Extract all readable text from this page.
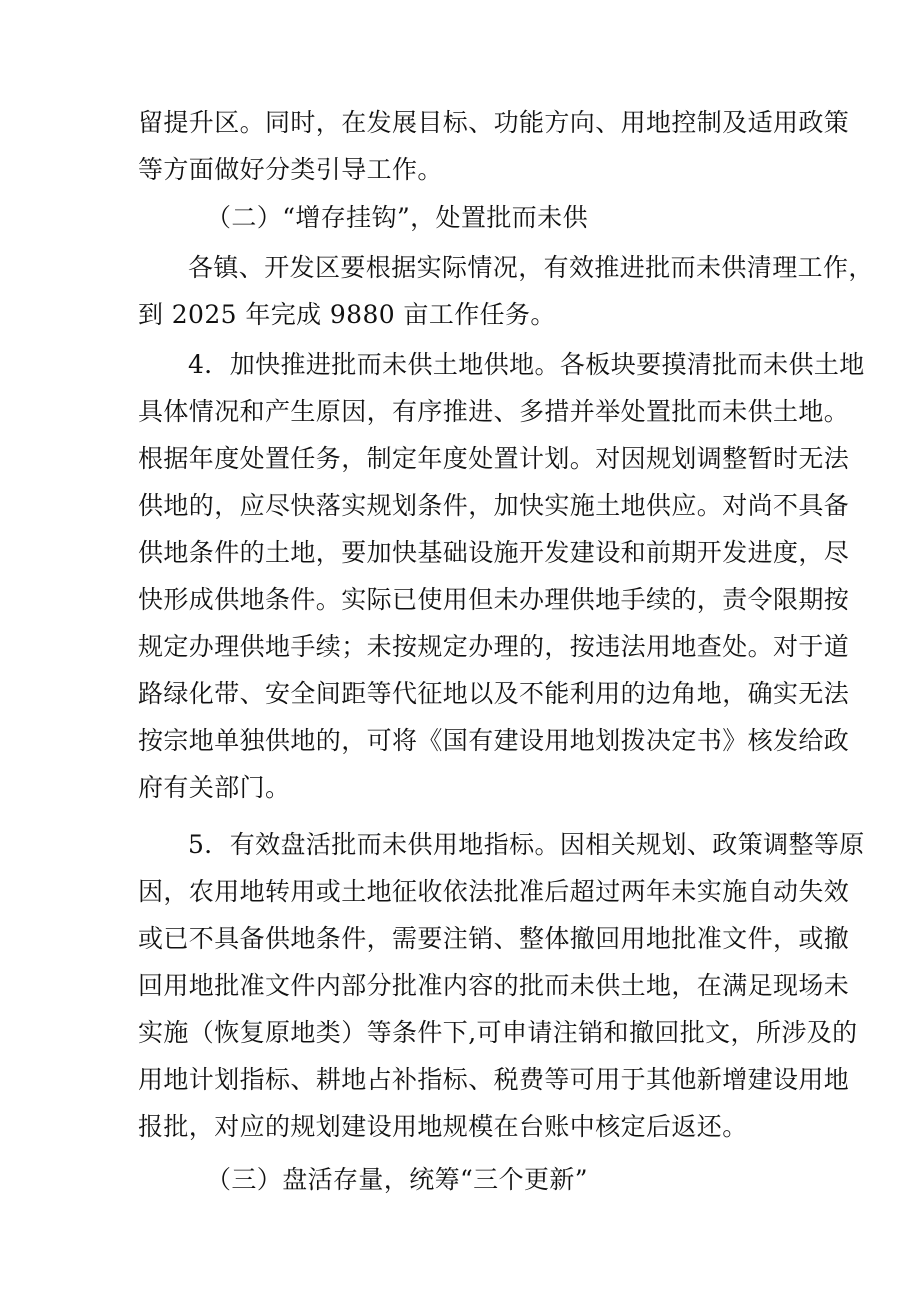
留提升区。同时，在发展目标、功能方向、用地控制及适用政策
等方面做好分类引导工作。
（二）“增存挂钩”，处置批而未供
各镇、开发区要根据实际情况，有效推进批而未供清理工作，
到 2025 年完成 9880 亩工作任务。
4．加快推进批而未供土地供地。各板块要摸清批而未供土地
具体情况和产生原因，有序推进、多措并举处置批而未供土地。
根据年度处置任务，制定年度处置计划。对因规划调整暂时无法
供地的，应尽快落实规划条件，加快实施土地供应。对尚不具备
供地条件的土地，要加快基础设施开发建设和前期开发进度，尽
快形成供地条件。实际已使用但未办理供地手续的，责令限期按
规定办理供地手续；未按规定办理的，按违法用地查处。对于道
路绿化带、安全间距等代征地以及不能利用的边角地，确实无法
按宗地单独供地的，可将《国有建设用地划拨决定书》核发给政
府有关部门。
5．有效盘活批而未供用地指标。因相关规划、政策调整等原
因，农用地转用或土地征收依法批准后超过两年未实施自动失效
或已不具备供地条件，需要注销、整体撤回用地批准文件，或撤
回用地批准文件内部分批准内容的批而未供土地，在满足现场未
实施（恢复原地类）等条件下,可申请注销和撤回批文，所涉及的
用地计划指标、耕地占补指标、税费等可用于其他新增建设用地
报批，对应的规划建设用地规模在台账中核定后返还。
（三）盘活存量，统筹“三个更新”
